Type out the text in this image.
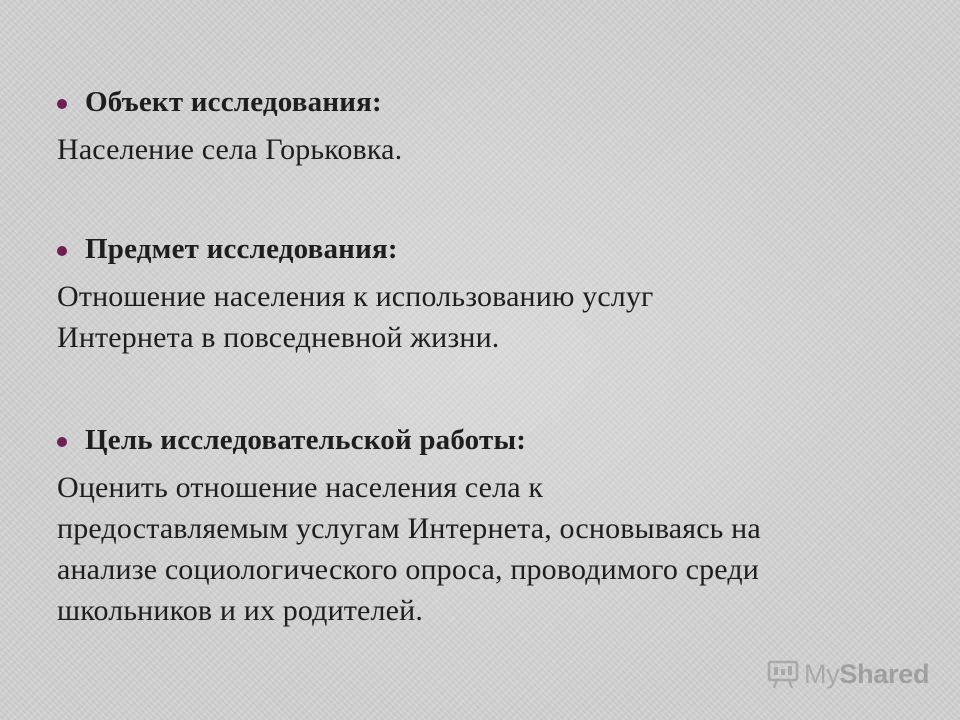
Объект исследования:
Население села Горьковка.
Предмет исследования:
Отношение населения к использованию услуг
Интернета в повседневной жизни.
Цель исследовательской работы:
Оценить отношение населения села к
предоставляемым услугам Интернета, основываясь на
анализе социологического опроса, проводимого среди
школьников и их родителей.
MyShared
